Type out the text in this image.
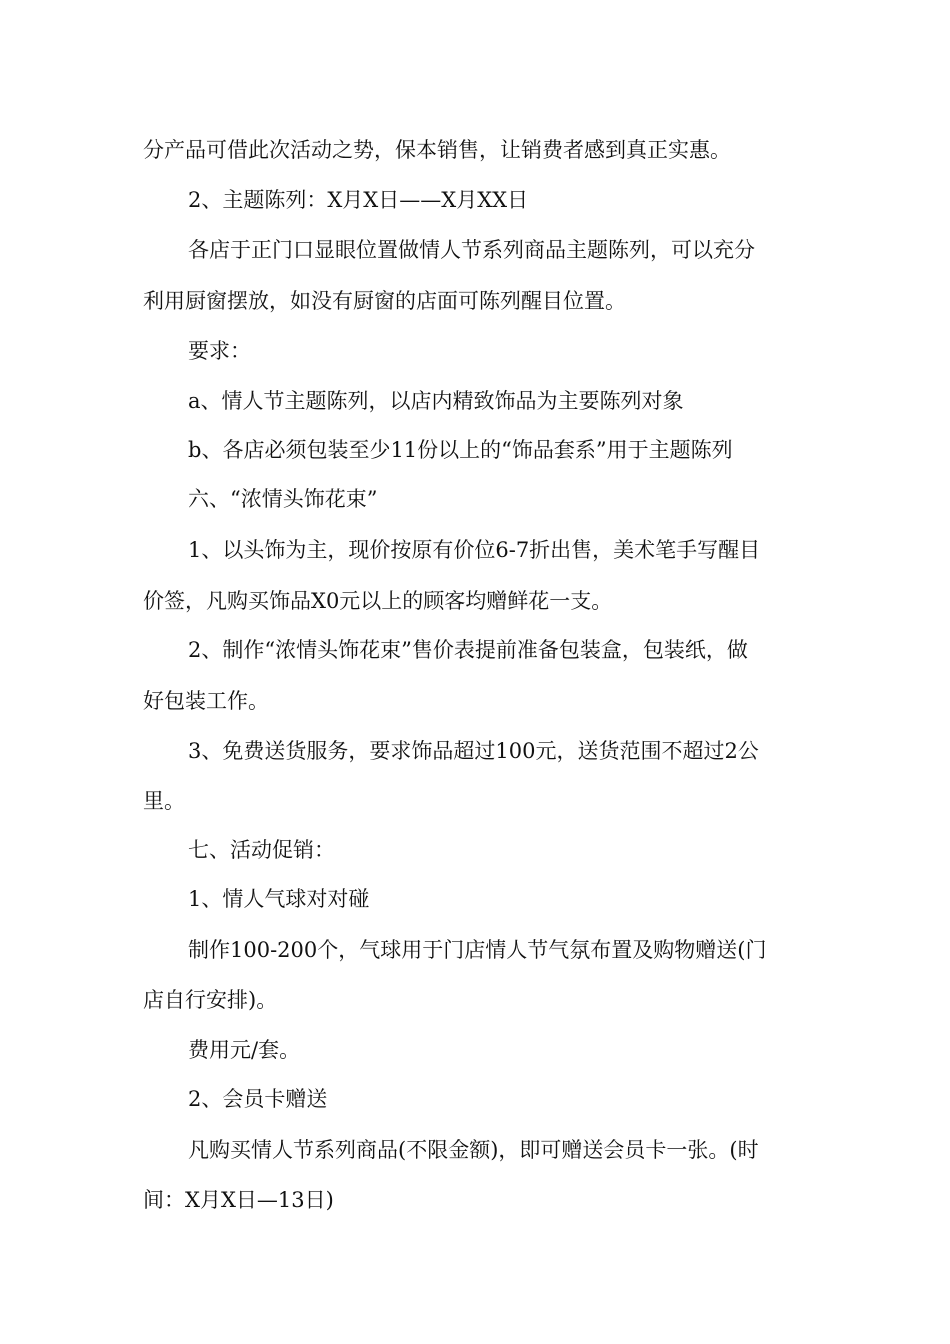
分产品可借此次活动之势，保本销售，让销费者感到真正实惠。
2、主题陈列：X月X日——X月XX日
各店于正门口显眼位置做情人节系列商品主题陈列，可以充分
利用厨窗摆放，如没有厨窗的店面可陈列醒目位置。
要求：
a、情人节主题陈列，以店内精致饰品为主要陈列对象
b、各店必须包装至少11份以上的“饰品套系”用于主题陈列
六、“浓情头饰花束”
1、以头饰为主，现价按原有价位6-7折出售，美术笔手写醒目
价签，凡购买饰品X0元以上的顾客均赠鲜花一支。
2、制作“浓情头饰花束”售价表提前准备包装盒，包装纸，做
好包装工作。
3、免费送货服务，要求饰品超过100元，送货范围不超过2公
里。
七、活动促销：
1、情人气球对对碰
制作100-200个，气球用于门店情人节气氛布置及购物赠送(门
店自行安排)。
费用元/套。
2、会员卡赠送
凡购买情人节系列商品(不限金额)，即可赠送会员卡一张。(时
间：X月X日—13日)
